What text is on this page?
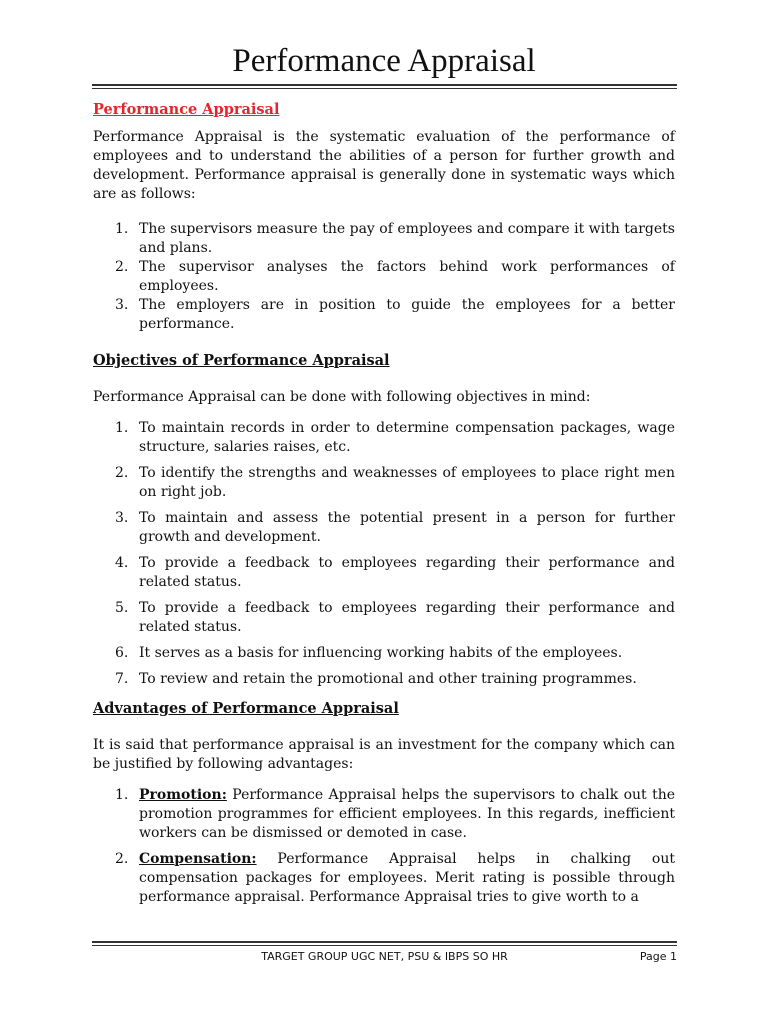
Performance Appraisal
Performance Appraisal

Performance Appraisal is the systematic evaluation of the performance of employees and to understand the abilities of a person for further growth and development. Performance appraisal is generally done in systematic ways which are as follows:

1. The supervisors measure the pay of employees and compare it with targets and plans.
2. The supervisor analyses the factors behind work performances of employees.
3. The employers are in position to guide the employees for a better performance.
Objectives of Performance Appraisal

Performance Appraisal can be done with following objectives in mind:

1. To maintain records in order to determine compensation packages, wage structure, salaries raises, etc.
2. To identify the strengths and weaknesses of employees to place right men on right job.
3. To maintain and assess the potential present in a person for further growth and development.
4. To provide a feedback to employees regarding their performance and related status.
5. To provide a feedback to employees regarding their performance and related status.
6. It serves as a basis for influencing working habits of the employees.
7. To review and retain the promotional and other training programmes.
Advantages of Performance Appraisal

It is said that performance appraisal is an investment for the company which can be justified by following advantages:

1. Promotion: Performance Appraisal helps the supervisors to chalk out the promotion programmes for efficient employees. In this regards, inefficient workers can be dismissed or demoted in case.
2. Compensation: Performance Appraisal helps in chalking out compensation packages for employees. Merit rating is possible through performance appraisal. Performance Appraisal tries to give worth to a
TARGET GROUP UGC NET, PSU & IBPS SO HR	Page 1
